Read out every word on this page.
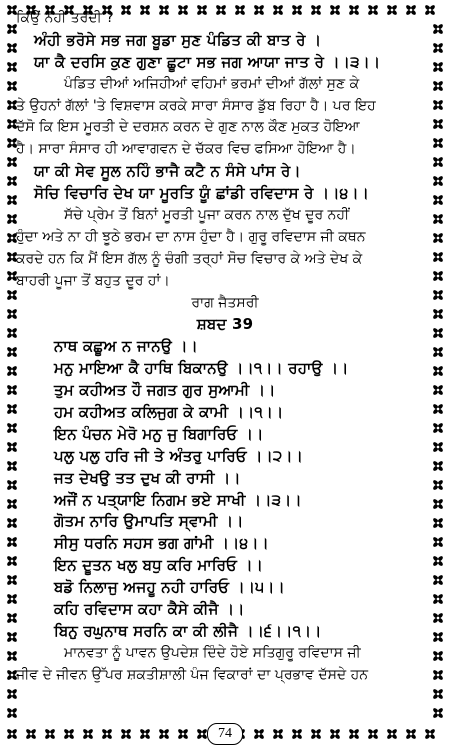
ਕਿਉਂ ਨਹੀਂ ਤਰਦੀ ?
ਅੰਹੀ ਭਰੋਸੇ ਸਭ ਜਗ ਬੂਡਾ ਸੁਣ ਪੰਡਿਤ ਕੀ ਬਾਤ ਰੇ ।
ਯਾ ਕੈ ਦਰਸਿ ਕੁਣ ਗੁਣਾ ਛੂਟਾ ਸਭ ਜਗ ਆਯਾ ਜਾਤ ਰੇ ।।੩।।
ਪੰਡਿਤ ਦੀਆਂ ਅਜਿਹੀਆਂ ਵਹਿਮਾਂ ਭਰਮਾਂ ਦੀਆਂ ਗੱਲਾਂ ਸੁਣ ਕੇ
ਤੇ ਉਹਨਾਂ ਗੱਲਾਂ 'ਤੇ ਵਿਸ਼ਵਾਸ ਕਰਕੇ ਸਾਰਾ ਸੰਸਾਰ ਡੁੱਬ ਰਿਹਾ ਹੈ। ਪਰ ਇਹ
ਦੱਸੋ ਕਿ ਇਸ ਮੂਰਤੀ ਦੇ ਦਰਸ਼ਨ ਕਰਨ ਦੇ ਗੁਣ ਨਾਲ ਕੌਣ ਮੁਕਤ ਹੋਇਆ
ਹੈ। ਸਾਰਾ ਸੰਸਾਰ ਹੀ ਆਵਾਗਵਨ ਦੇ ਚੱਕਰ ਵਿਚ ਫਸਿਆ ਹੋਇਆ ਹੈ।
ਯਾ ਕੀ ਸੇਵ ਸੂਲ ਨਹਿੰ ਭਾਜੈ ਕਟੈ ਨ ਸੰਸੇ ਪਾਂਸ ਰੇ।
ਸੋਚਿ ਵਿਚਾਰਿ ਦੇਖ ਯਾ ਮੂਰਤਿ ਯੂੰ ਛਾਂਡੀ ਰਵਿਦਾਸ ਰੇ ।।੪।।
ਸੱਚੇ ਪ੍ਰੇਮ ਤੋਂ ਬਿਨਾਂ ਮੂਰਤੀ ਪੂਜਾ ਕਰਨ ਨਾਲ ਦੁੱਖ ਦੂਰ ਨਹੀਂ
ਹੁੰਦਾ ਅਤੇ ਨਾ ਹੀ ਝੂਠੇ ਭਰਮ ਦਾ ਨਾਸ ਹੁੰਦਾ ਹੈ। ਗੁਰੂ ਰਵਿਦਾਸ ਜੀ ਕਥਨ
ਕਰਦੇ ਹਨ ਕਿ ਮੈਂ ਇਸ ਗੱਲ ਨੂੰ ਚੰਗੀ ਤਰ੍ਹਾਂ ਸੋਚ ਵਿਚਾਰ ਕੇ ਅਤੇ ਦੇਖ ਕੇ
ਬਾਹਰੀ ਪੂਜਾ ਤੋਂ ਬਹੁਤ ਦੂਰ ਹਾਂ।
ਰਾਗ ਜੈਤਸਰੀ
ਸ਼ਬਦ 39
ਨਾਥ ਕਛੂਅ ਨ ਜਾਨਉ ।।
ਮਨੁ ਮਾਇਆ ਕੈ ਹਾਥਿ ਬਿਕਾਨਉ ।।੧।। ਰਹਾਉ ।।
ਤੁਮ ਕਹੀਅਤ ਹੌ ਜਗਤ ਗੁਰ ਸੁਆਮੀ ।।
ਹਮ ਕਹੀਅਤ ਕਲਿਜੁਗ ਕੇ ਕਾਮੀ ।।੧।।
ਇਨ ਪੰਚਨ ਮੇਰੋ ਮਨੁ ਜੁ ਬਿਗਾਰਿਓ ।।
ਪਲੁ ਪਲੁ ਹਰਿ ਜੀ ਤੇ ਅੰਤਰੁ ਪਾਰਿਓ ।।੨।।
ਜਤ ਦੇਖਉ ਤਤ ਦੁਖ ਕੀ ਰਾਸੀ ।।
ਅਜੌਂ ਨ ਪਤ੍ਯਾਇ ਨਿਗਮ ਭਏ ਸਾਖੀ ।।੩।।
ਗੋਤਮ ਨਾਰਿ ਉਮਾਪਤਿ ਸ੍ਵਾਮੀ ।।
ਸੀਸੁ ਧਰਨਿ ਸਹਸ ਭਗ ਗਾਂਮੀ ।।੪।।
ਇਨ ਦੂਤਨ ਖਲੁ ਬਧੁ ਕਰਿ ਮਾਰਿਓ ।।
ਬਡੋ ਨਿਲਾਜੁ ਅਜਹੂ ਨਹੀ ਹਾਰਿਓ ।।੫।।
ਕਹਿ ਰਵਿਦਾਸ ਕਹਾ ਕੈਸੇ ਕੀਜੈ ।।
ਬਿਨੁ ਰਘੁਨਾਥ ਸਰਨਿ ਕਾ ਕੀ ਲੀਜੈ ।।੬।।੧।।
ਮਾਨਵਤਾ ਨੂੰ ਪਾਵਨ ਉਪਦੇਸ਼ ਦਿੰਦੇ ਹੋਏ ਸਤਿਗੁਰੂ ਰਵਿਦਾਸ ਜੀ
ਜੀਵ ਦੇ ਜੀਵਨ ਉੱਪਰ ਸ਼ਕਤੀਸ਼ਾਲੀ ਪੰਜ ਵਿਕਾਰਾਂ ਦਾ ਪ੍ਰਭਾਵ ਦੱਸਦੇ ਹਨ
74
